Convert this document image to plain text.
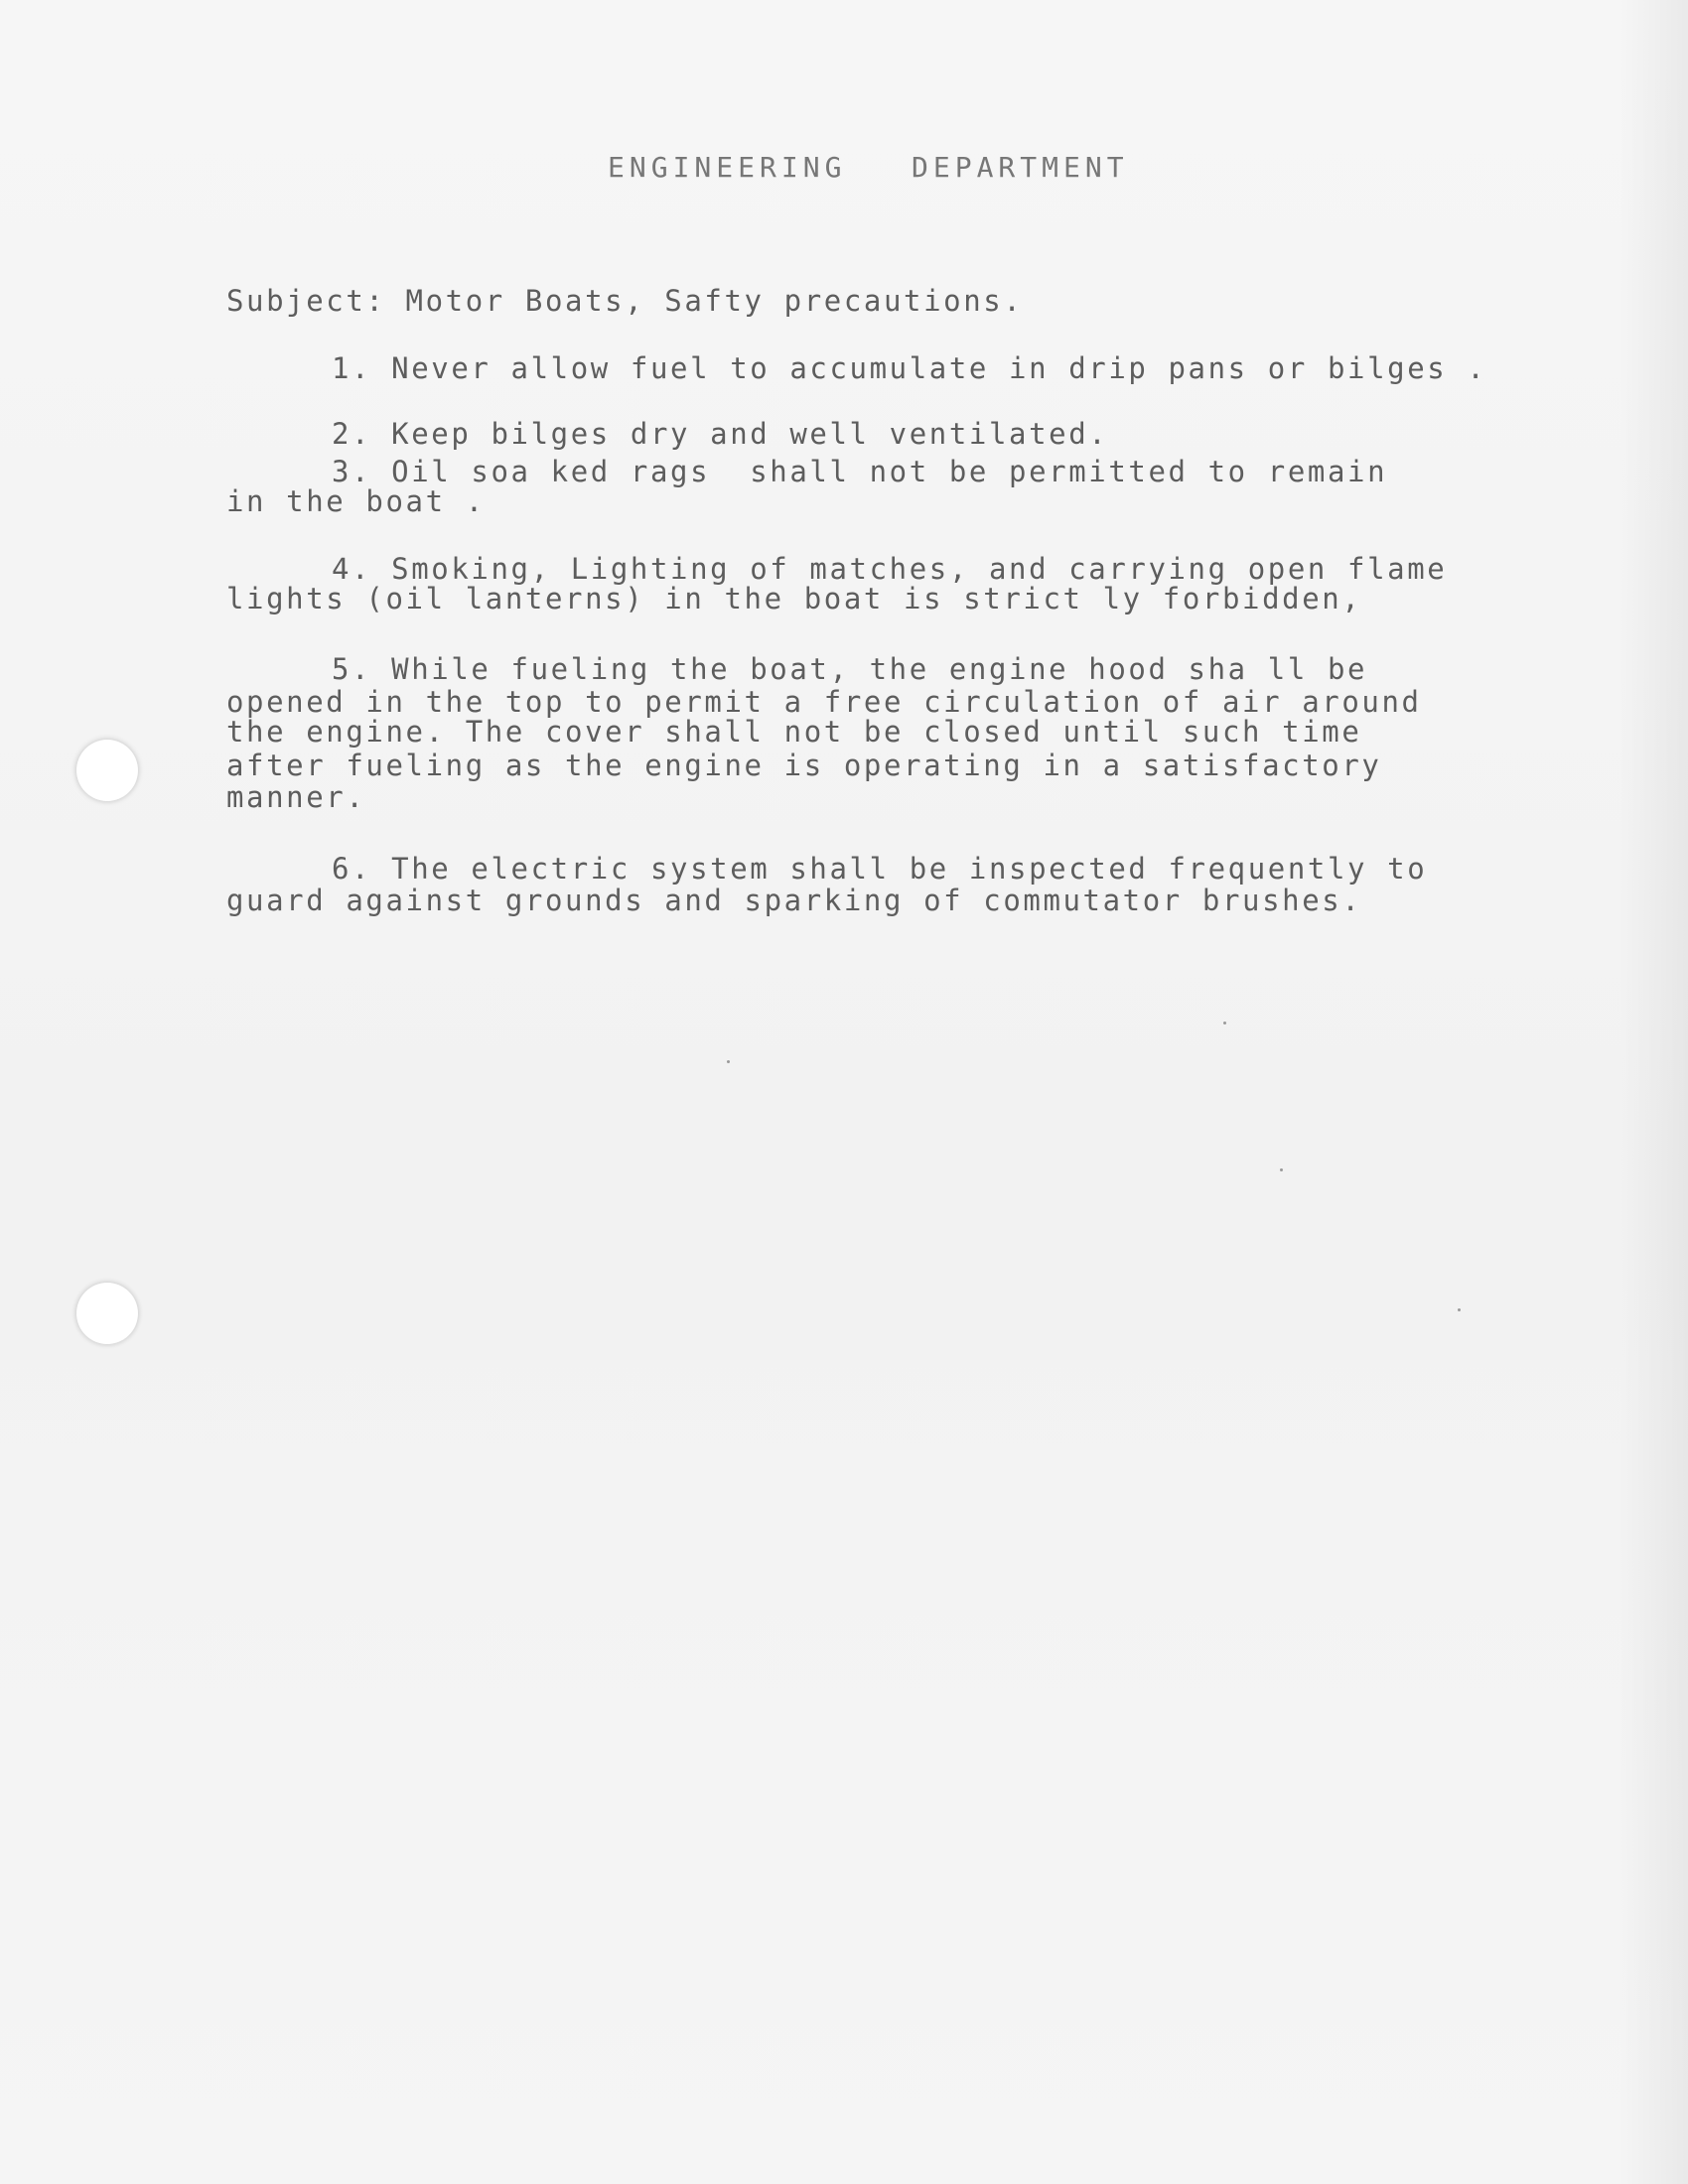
ENGINEERING   DEPARTMENT
Subject: Motor Boats, Safty precautions.
1. Never allow fuel to accumulate in drip pans or bilges .
2. Keep bilges dry and well ventilated.
3. Oil soa ked rags  shall not be permitted to remain
in the boat .
4. Smoking, Lighting of matches, and carrying open flame
lights (oil lanterns) in the boat is strict ly forbidden,
5. While fueling the boat, the engine hood sha ll be
opened in the top to permit a free circulation of air around
the engine. The cover shall not be closed until such time
after fueling as the engine is operating in a satisfactory
manner.
6. The electric system shall be inspected frequently to
guard against grounds and sparking of commutator brushes.
